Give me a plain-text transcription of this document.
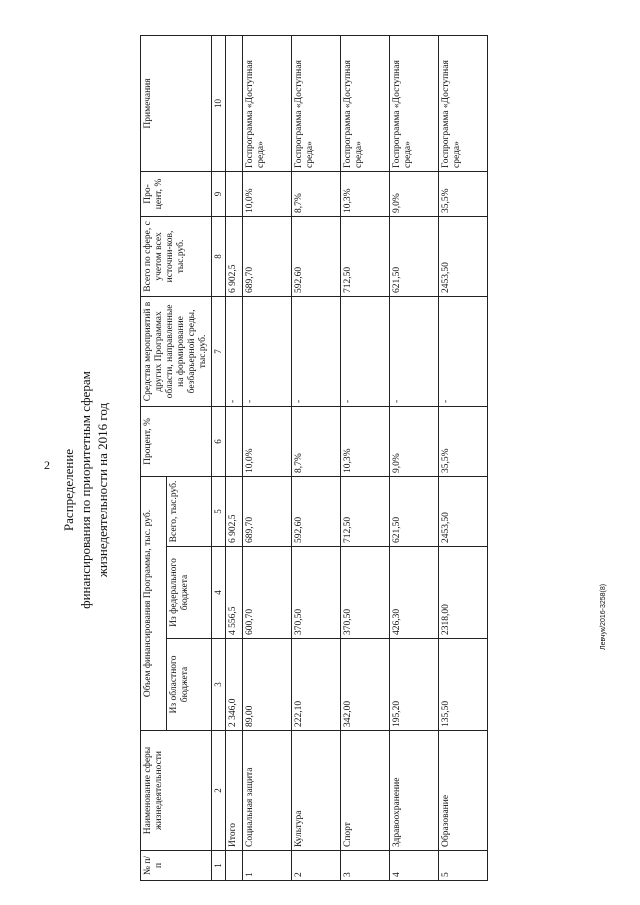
2 Распределение финансирования по приоритетным сферам жизнедеятельности на 2016 год
Левчук/2016-3258(8)
№ п/п	Наименование сферы жизнедеятельности	Объем финансирования Программы, тыс. руб.			Процент, %	Средства мероприятий в других Программах области, направленные на формирование безбарьерной среды, тыс.руб.	Всего по сфере, с учетом всех источни-ков, тыс.руб.	Про-цент, %	Примечания
		Из областного бюджета	Из федерального бюджета	Всего, тыс.руб.					
1	2	3	4	5	6	7	8	9	10
	Итого	2 346,0	4 556,5	6 902,5		-	6 902,5		
1	Социальная защита	89,00	600,70	689,70	10,0%	-	689,70	10,0%	Госпрограмма «Доступная среда»
2	Культура	222,10	370,50	592,60	8,7%	-	592,60	8,7%	Госпрограмма «Доступная среда»
3	Спорт	342,00	370,50	712,50	10,3%	-	712,50	10,3%	Госпрограмма «Доступная среда»
4	Здравоохранение	195,20	426,30	621,50	9,0%	-	621,50	9,0%	Госпрограмма «Доступная среда»
5	Образование	135,50	2318,00	2453,50	35,5%	-	2453,50	35,5%	Госпрограмма «Доступная среда»
